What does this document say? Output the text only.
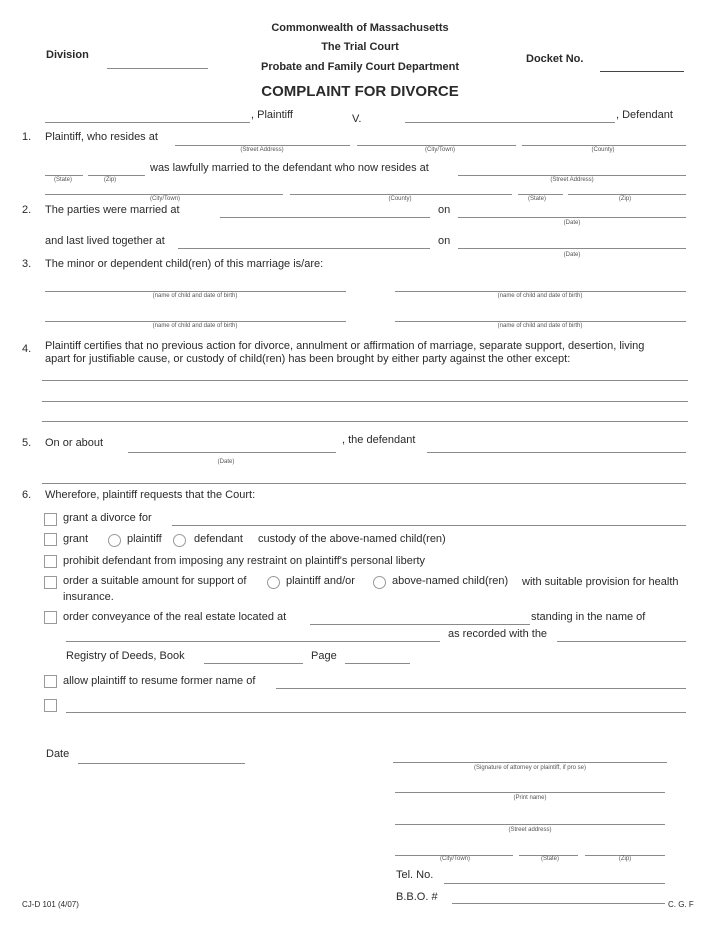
Commonwealth of Massachusetts
The Trial Court
Probate and Family Court Department
Division	Docket No.
COMPLAINT FOR DIVORCE
, Plaintiff	V.	, Defendant
1. Plaintiff, who resides at
(Street Address)	(City/Town)	(County)
(State)	(Zip)
was lawfully married to the defendant who now resides at
(Street Address)
(City/Town)	(County)	(State)	(Zip)
2. The parties were married at	on
(Date)
and last lived together at	on
(Date)
3. The minor or dependent child(ren) of this marriage is/are:
(name of child and date of birth)	(name of child and date of birth)
(name of child and date of birth)	(name of child and date of birth)
4. Plaintiff certifies that no previous action for divorce, annulment or affirmation of marriage, separate support, desertion, living
apart for justifiable cause, or custody of child(ren) has been brought by either party against the other except:
5. On or about	, the defendant
(Date)
6. Wherefore, plaintiff requests that the Court:
grant a divorce for
grant	plaintiff	defendant custody of the above-named child(ren)
prohibit defendant from imposing any restraint on plaintiff's personal liberty
order a suitable amount for support of	plaintiff and/or	above-named child(ren) with suitable provision for health
insurance.
order conveyance of the real estate located at	standing in the name of
as recorded with the
Registry of Deeds, Book	Page
allow plaintiff to resume former name of
Date
(Signature of attorney or plaintiff, if pro se)
(Print name)
(Street address)
(City/Town)	(State)	(Zip)
Tel. No.
B.B.O. #
C. G. F
CJ-D 101 (4/07)
